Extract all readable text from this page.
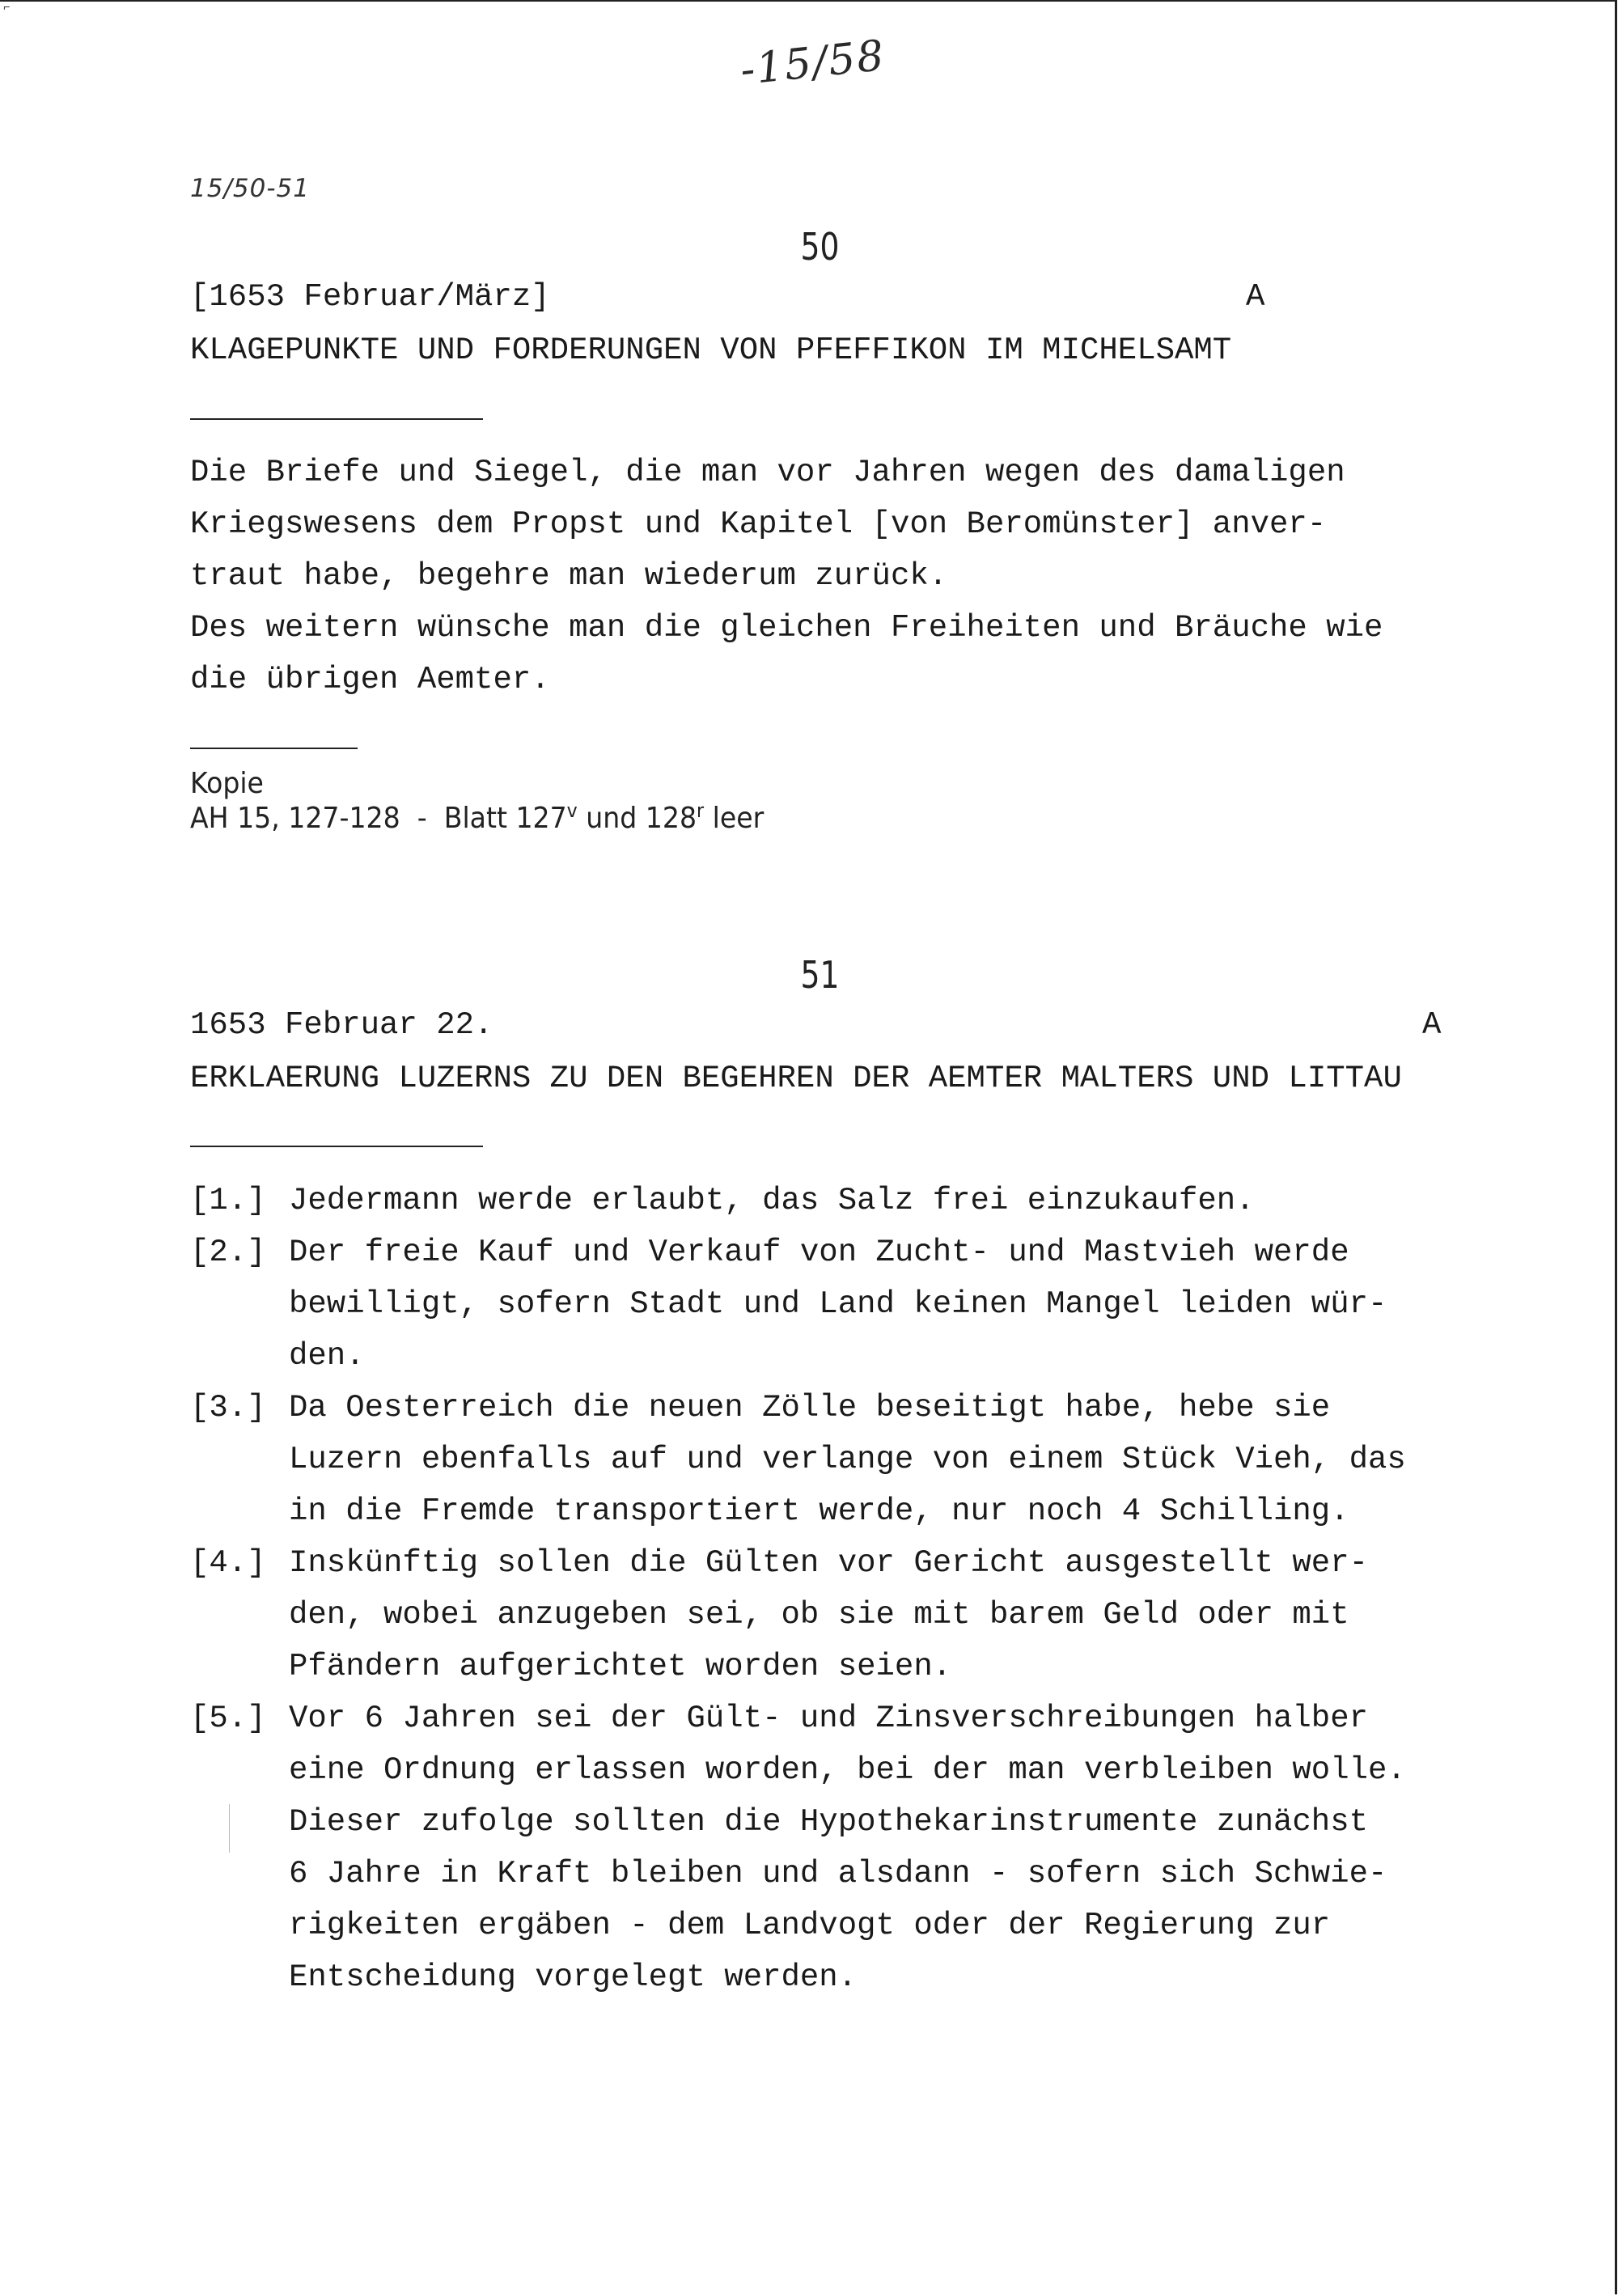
⌐
-15/58
15/50-51
50
[1653 Februar/März]	A
KLAGEPUNKTE UND FORDERUNGEN VON PFEFFIKON IM MICHELSAMT
Die Briefe und Siegel, die man vor Jahren wegen des damaligen
Kriegswesens dem Propst und Kapitel [von Beromünster] anver-
traut habe, begehre man wiederum zurück.
Des weitern wünsche man die gleichen Freiheiten und Bräuche wie
die übrigen Aemter.
Kopie
AH 15, 127-128  -  Blatt 127$^v$ und 128$^r$ leer
51
1653 Februar 22.	A
ERKLAERUNG LUZERNS ZU DEN BEGEHREN DER AEMTER MALTERS UND LITTAU
[1.] Jedermann werde erlaubt, das Salz frei einzukaufen.
[2.] Der freie Kauf und Verkauf von Zucht- und Mastvieh werde
bewilligt, sofern Stadt und Land keinen Mangel leiden wür-
den.
[3.] Da Oesterreich die neuen Zölle beseitigt habe, hebe sie
Luzern ebenfalls auf und verlange von einem Stück Vieh, das
in die Fremde transportiert werde, nur noch 4 Schilling.
[4.] Inskünftig sollen die Gülten vor Gericht ausgestellt wer-
den, wobei anzugeben sei, ob sie mit barem Geld oder mit
Pfändern aufgerichtet worden seien.
[5.] Vor 6 Jahren sei der Gült- und Zinsverschreibungen halber
eine Ordnung erlassen worden, bei der man verbleiben wolle.
Dieser zufolge sollten die Hypothekarinstrumente zunächst
6 Jahre in Kraft bleiben und alsdann - sofern sich Schwie-
rigkeiten ergäben - dem Landvogt oder der Regierung zur
Entscheidung vorgelegt werden.
